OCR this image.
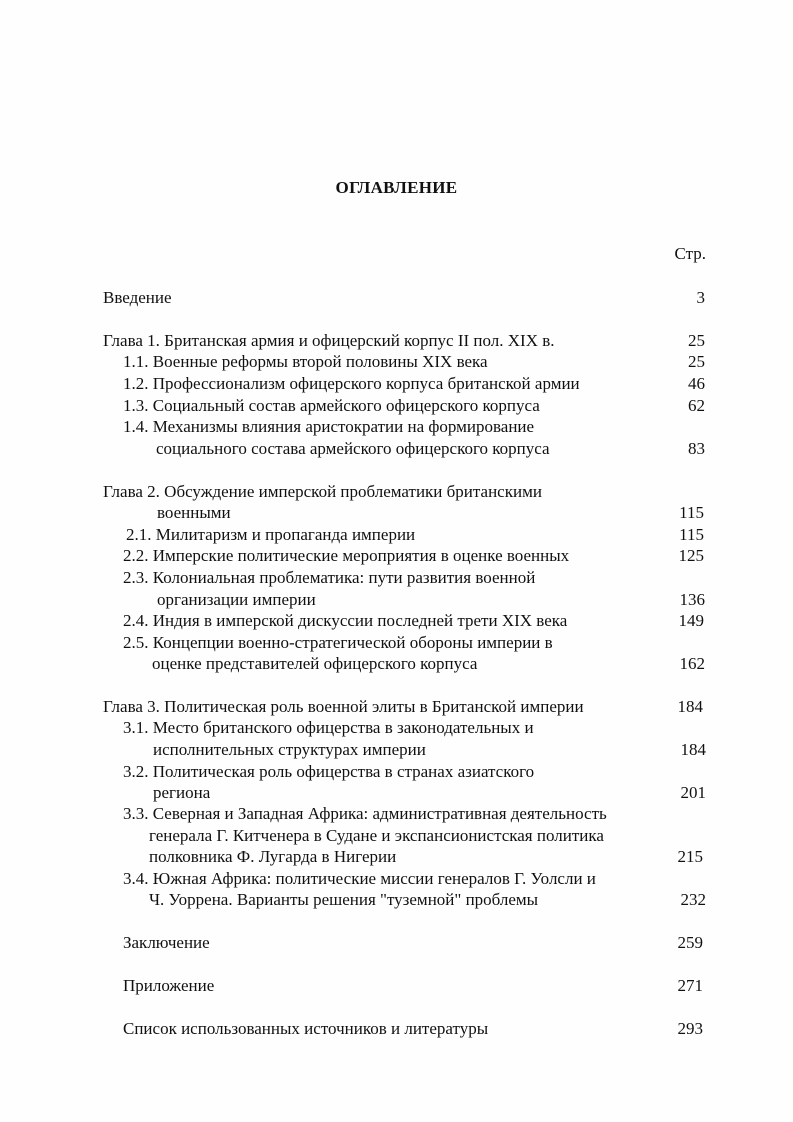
ОГЛАВЛЕНИЕ
Стр.
Введение	3
Глава 1. Британская армия и офицерский корпус II пол. XIX в.	25
1.1. Военные реформы второй половины XIX века	25
1.2. Профессионализм офицерского корпуса британской армии	46
1.3. Социальный состав армейского офицерского корпуса	62
1.4. Механизмы влияния аристократии на формирование
социального состава армейского офицерского корпуса	83
Глава 2. Обсуждение имперской проблематики британскими
военными	115
2.1. Милитаризм и пропаганда империи	115
2.2. Имперские политические мероприятия в оценке военных	125
2.3. Колониальная проблематика: пути развития военной
организации империи	136
2.4. Индия в имперской дискуссии последней трети XIX века	149
2.5. Концепции военно-стратегической обороны империи в
оценке представителей офицерского корпуса	162
Глава 3. Политическая роль военной элиты в Британской империи	184
3.1. Место британского офицерства в законодательных и
исполнительных структурах империи	184
3.2. Политическая роль офицерства в странах азиатского
региона	201
3.3. Северная и Западная Африка: административная деятельность
генерала Г. Китченера в Судане и экспансионистская политика
полковника Ф. Лугарда в Нигерии	215
3.4. Южная Африка: политические миссии генералов Г. Уолсли и
Ч. Уоррена. Варианты решения "туземной" проблемы	232
Заключение	259
Приложение	271
Список использованных источников и литературы	293
